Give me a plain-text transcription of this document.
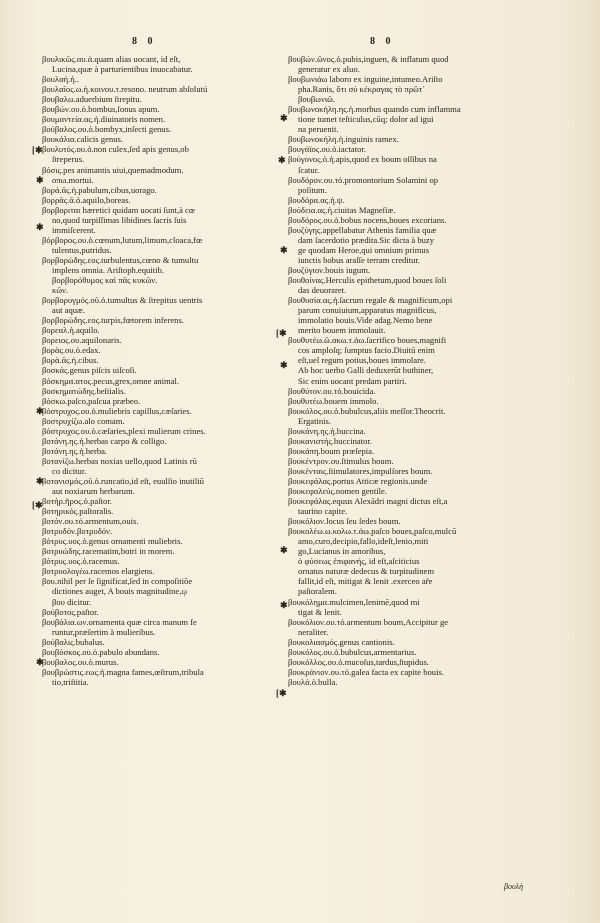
8 0	8 0
βουλικῶς.αυ.ἀ.quam alias uocant, id eſt,
Lucina,quæ à parturientibus inuocabatur.
βουλαή.ἡ..
βουλαῖος.ω.ἡ.κοινου.τ.resono. neutrum abſolutú
βουβαλω.aduerbium ſtrepitu.
βουβών.ου.ὁ.bombus,ſonus apum.
βουμαντεία.ας.ἡ.diuinatoris nomen.
βούβαλος.ου.ὁ.bombyx,inſecti genus.
βουκάλια.calicis genus.
βουλυτός.ου.ὁ.non culex,ſed apis genus,ob
ſtreperus.
βόσις.pes animantis uiui,quemadmodum.
οπω.mortui.
βορά.ᾶς.ἡ.pabulum,cibus,uorago.
βορρᾶς.ᾶ.ὁ.aquilo,boreas.
βορβοριται hæretici quidam uocati ſunt,à cœ
no,quod turpiſſimas libidines ſacris ſuis
immiſcerent.
βόρβορος.ου.ὁ.cœnum,lutum,limum,cloaca,fœ
tulentus,putridus.
βορβορώδης.εος.turbulentus,cœno & tumultu
implens omnia. Ariſtoph.equitib.
βορβορόθυμος καὶ πᾶς κυκῶν.
κῶν.
βορβορυγμός.οῦ.ὁ.tumultus & ſtrepitus uentris
aut aquæ.
βορβορώδης.εος.turpis,fœtorem inferens.
βορεαλ.ἡ.aquilo.
βορειος.ου.aquilonaris.
βορὰς.ου.ὁ.edax.
βορὰ.ᾶς.ἡ.cibus.
βοσκάς.genus piſcis uiſcoſi.
βόσκημα.ατος.pecus,grex,omne animal.
βοσκηματώδης.beſtialis.
βόσκω.paſco,paſcua præbeo.
βόστρυχος.ου.ὁ.muliebris capillus,cæſaries.
βοστρυχίζω.alo comam.
βόστρυχος.ου.ὁ.cæſaries,plexi mulierum crines.
βοτάνη.ης.ἡ.herbas carpo & colligo.
βοτάνη.ης.ἡ.herba.
βοτανίζω.herbas noxias uello,quod Latinis rū
co dicitur.
βοτανισμός.οῦ.ὁ.runcatio,id eſt, euulſio inutiliū
aut noxiarum herbarum.
βοτήρ.ῆρος.ὁ.paſtor.
βοτηρικός.paſtoralis.
βοτόν.ου.τό.armentum,ouis.
βοτρυδόν.βοτρυδόν.
βότρυς.υος.ὁ.genus ornamenti muliebris.
βοτρυώδης.racematim,botri in morem.
βότρυς.υος.ὁ.racemus.
βοτρυολογέω.racemos elargiens.
βου.nihil per ſe ſignificat,ſed in compoſitiōe
dictiones auget, A bouis magnitudine,ῳ
βου dicitur.
βούβοτος.paſtor.
βουβάλια.ων.ornamenta quæ circa manum fe
runtur,præſertim à mulieribus.
βούβαλις.bubalus.
βουβόσκος.ου.ὁ.pabulo abundans.
βουβαλος.ου.ὁ.murus.
βουβρώστις.εως.ἡ.magna fames,œſtrum,tribula
tio,triſtitia.
βουβών.ῶνος.ὁ.pubis,inguen, & inflatum quod
generatur ex aluo.
βουβωνιάω laboro ex inguine,intumeo.Ariſto
pha.Ranis, ὅτι σὺ κέκραγας τὸ πρῶτ᾽
βουβωνιῶ.
βουβωνοκήλη.ης.ἡ.morbus quando cum inflamma
tione tumet teſticulus,cūq; dolor ad igui
na peruenit.
βουβωνοκήλη.ἡ.inguinis ramex.
βουγάϊος.ου.ὁ.iactator.
βούγονος.ὁ.ἡ.apis,quod ex boum oſſibus na
ſcatur.
βουδόρον.ου.τό.promontorium Solamini op
poſitum.
βουδόρα.ας.ἡ.ψ.
βούδεια.ας.ἡ.ciuitas Magneſiæ.
βουδόρος.ου.ὁ.bobus nocens,boues excorians.
βουζύγης.appellabatur Athenis familia quæ
dam ſacerdotio prædita.Sic dicta à buzy
ge quodam Heroe,qui omnium primus
iunctis bobus araſſe terram creditur.
βουζύγιον.bouis iugum.
βουθοίνας.Herculis epithetum,quod boues ſoli
das deuoraret.
βουθυσία.ας.ἡ.ſacrum regale & magnificum,opi
parum conuiuium,apparatus magnificus,
immolatio bouis.Vide adag.Nemo bene
merito bouem immolauit.
βουθυτέω.ῶ.ακω.τ.ἀω.ſacrifico boues,magnifi
cos amploſq; ſumptus facio.Diuitū enim
eſt,uel regum potius,boues immolare.
Ab hoc uerbo Galli deduxerūt buthiner,
Sic enim uocant predam partiri.
βουθύτον.ου.τό.bouicida.
βουθυτέω.bouem immolo.
βουκόλος.ου.ὁ.bubulcus,aliis meſſor.Theocrit.
Ergatinis.
βουκάνη.ης.ἡ.buccina.
βουκανιστής.buccinator.
βουκάπη.boum præſepia.
βουκέντρον.ου.ſtimulus boum.
βουκένταις.ſtimulatores,impulſores boum.
βουκεφάλας.portus Atticæ regionis.unde
βουκεφαλεύς.nomen gentile.
βουκεφάλας.equus Alexādri magni dictus eſt,a
taurino capite.
βουκόλιον.locus ſeu ſedes boum.
βουκολέω.ω.κολω.τ.ἀω.paſco boues,paſco,mulcū
amo,curo,decipio,fallo,ideſt,lenio,miti
go,Lucianus in amoribus,
ὁ φύσεως ἐπιφανής, id eſt,aſciticius
ornatus naturæ dedecus & turpitudinem
fallit,id eſt, mitigat & lenit .exerceo ar̃e
paſtoralem.
βουκόλημα.mulcimen,lenimē,quod mi
tigat & lenit.
βουκόλιον.ου.τό.armentum boum,Accipitur ge
neraliter.
βουκολιασμός.genus cantionis.
βουκόλος.ου.ὁ.bubulcus,armentarius.
βουκόλλος.ου.ὁ.mucoſus,tardus,ſtupidus.
βουκράνιον.ου.τό.galea facta ex capite bouis.
βουλά.ὁ.bulla.
[✱
✱
✱
✱
✱
[✱
✱
✱
✱
✱
[✱
✱
✱
✱
[✱
βουλὴ
